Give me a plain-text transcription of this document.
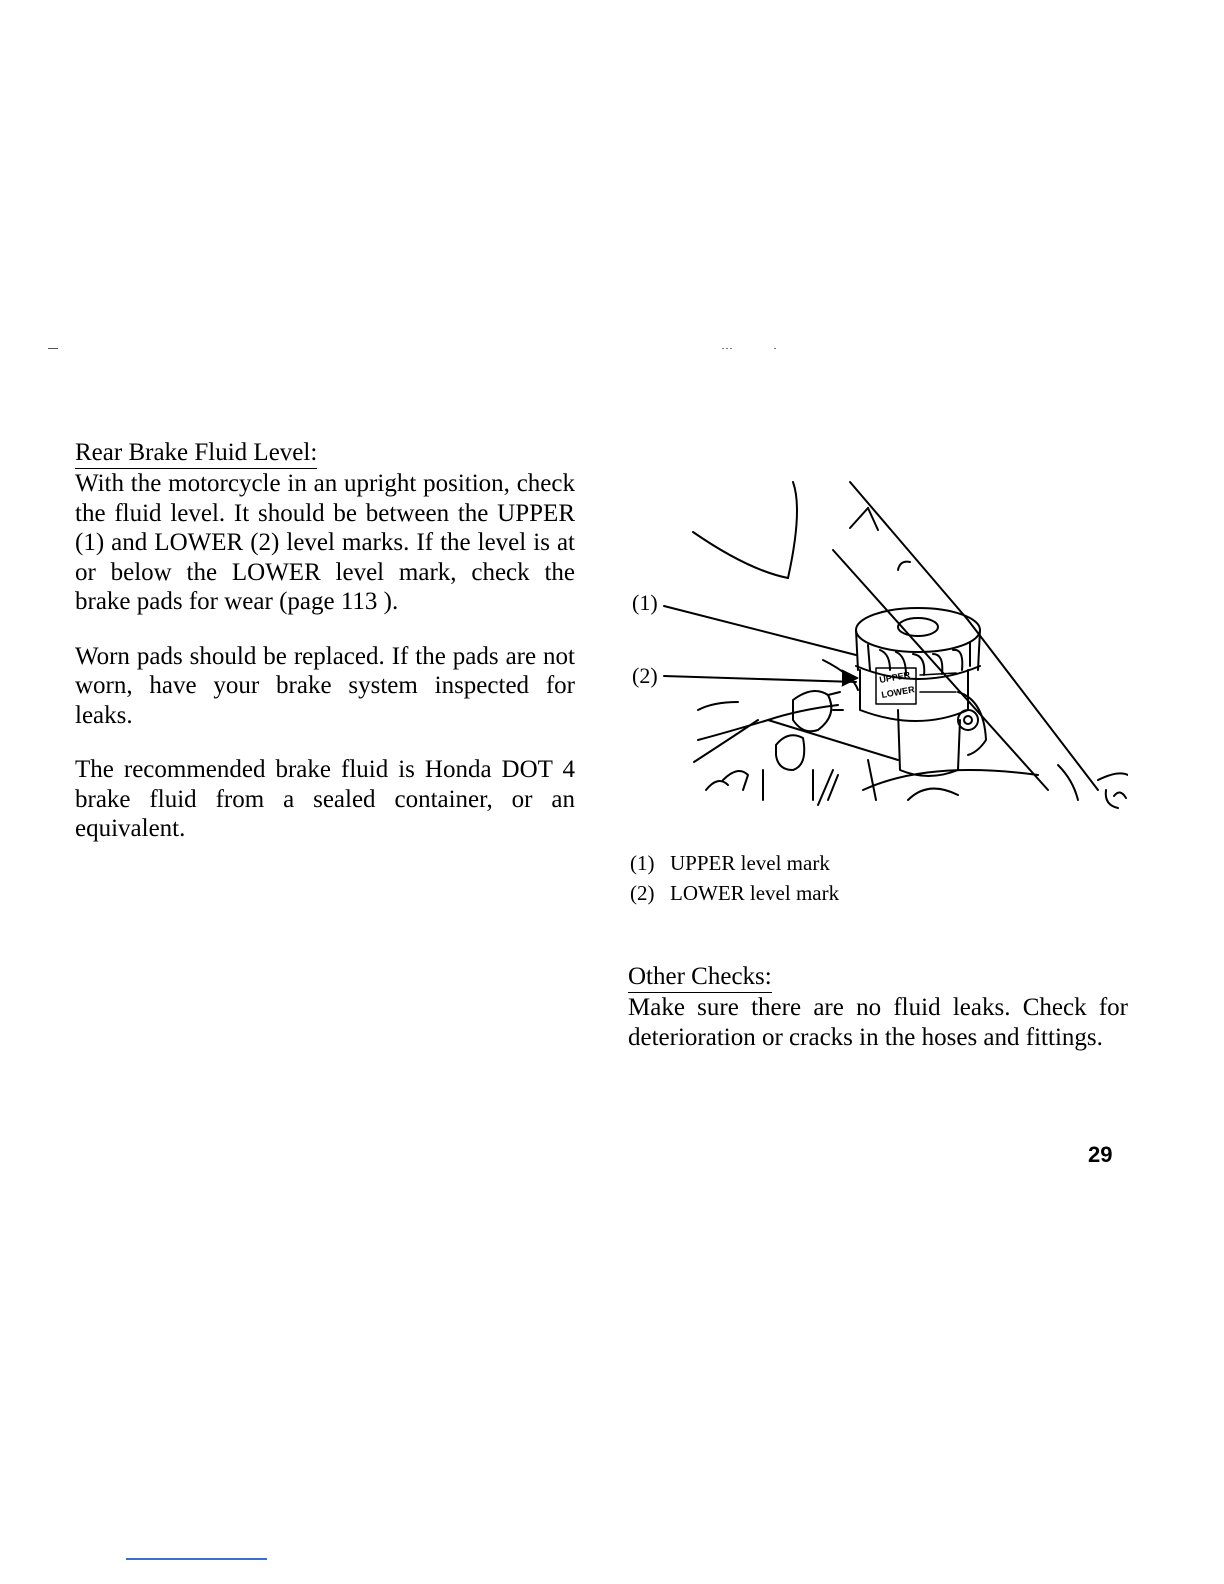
Rear Brake Fluid Level:

With the motorcycle in an upright position, check the fluid level. It should be between the UPPER (1) and LOWER (2) level marks. If the level is at or below the LOWER level mark, check the brake pads for wear (page 113 ).

Worn pads should be replaced. If the pads are not worn, have your brake system inspected for leaks.

The recommended brake fluid is Honda DOT 4 brake fluid from a sealed container, or an equivalent.

UPPER
LOWER
(1)
(2)
(1) UPPER level mark
(2) LOWER level mark
Other Checks:

Make sure there are no fluid leaks. Check for deterioration or cracks in the hoses and fittings.

29
